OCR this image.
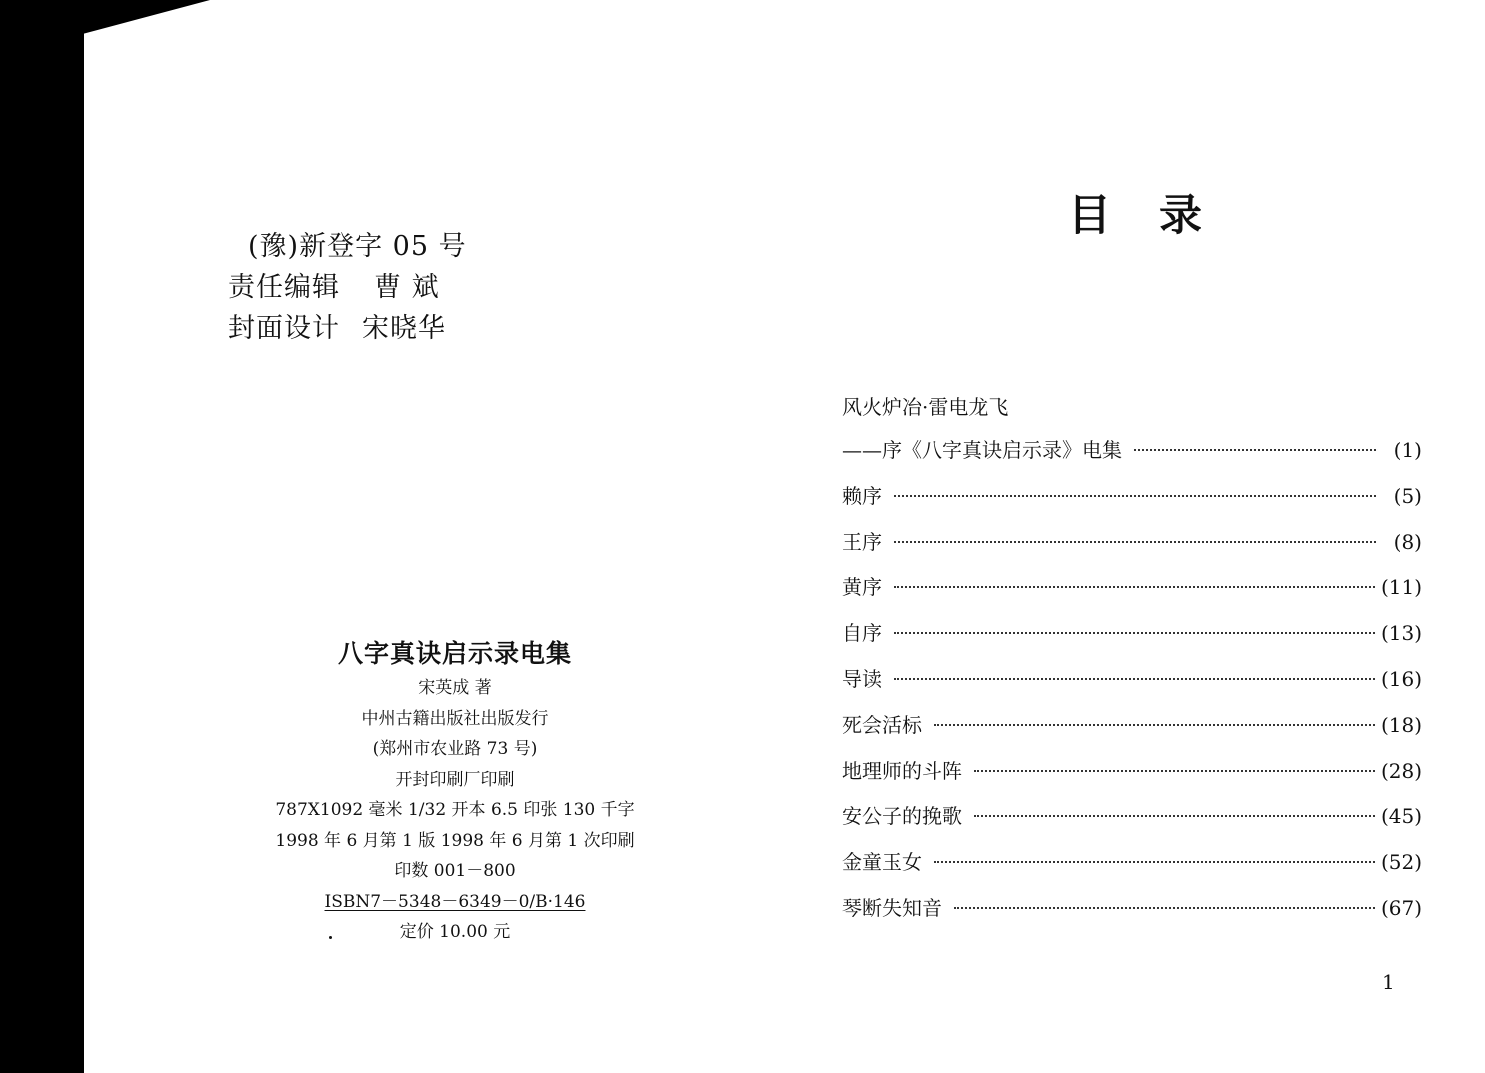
(豫)新登字 05 号
责任编辑 曹 斌
封面设计 宋晓华
八字真诀启示录电集
宋英成 著
中州古籍出版社出版发行
(郑州市农业路 73 号)
开封印刷厂印刷
787X1092 毫米 1/32 开本 6.5 印张 130 千字
1998 年 6 月第 1 版 1998 年 6 月第 1 次印刷
印数 001－800
ISBN7－5348－6349－0/B·146
定价 10.00 元
目录
风火炉冶·雷电龙飞
——序《八字真诀启示录》电集	(1)
赖序	(5)
王序	(8)
黄序	(11)
自序	(13)
导读	(16)
死会活标	(18)
地理师的斗阵	(28)
安公子的挽歌	(45)
金童玉女	(52)
琴断失知音	(67)
1
